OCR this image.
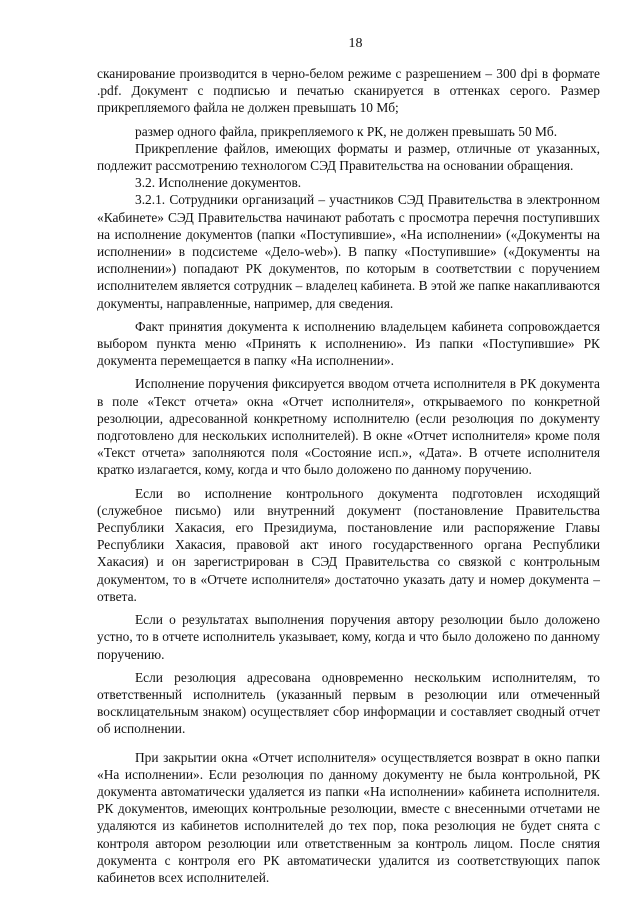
18

сканирование производится в черно-белом режиме с разрешением – 300 dpi в формате .pdf. Документ с подписью и печатью сканируется в оттенках серого. Размер прикрепляемого файла не должен превышать 10 Мб;

размер одного файла, прикрепляемого к РК, не должен превышать 50 Мб.

Прикрепление файлов, имеющих форматы и размер, отличные от указанных, подлежит рассмотрению технологом СЭД Правительства на основании обращения.

3.2. Исполнение документов.

3.2.1. Сотрудники организаций – участников СЭД Правительства в электронном «Кабинете» СЭД Правительства начинают работать с просмотра перечня поступивших на исполнение документов (папки «Поступившие», «На исполнении» («Документы на исполнении» в подсистеме «Дело-web»). В папку «Поступившие» («Документы на исполнении») попадают РК документов, по которым в соответствии с поручением исполнителем является сотрудник – владелец кабинета. В этой же папке накапливаются документы, направленные, например, для сведения.

Факт принятия документа к исполнению владельцем кабинета сопровождается выбором пункта меню «Принять к исполнению». Из папки «Поступившие» РК документа перемещается в папку «На исполнении».

Исполнение поручения фиксируется вводом отчета исполнителя в РК документа в поле «Текст отчета» окна «Отчет исполнителя», открываемого по конкретной резолюции, адресованной конкретному исполнителю (если резолюция по документу подготовлено для нескольких исполнителей). В окне «Отчет исполнителя» кроме поля «Текст отчета» заполняются поля «Состояние исп.», «Дата». В отчете исполнителя кратко излагается, кому, когда и что было доложено по данному поручению.

Если во исполнение контрольного документа подготовлен исходящий (служебное письмо) или внутренний документ (постановление Правительства Республики Хакасия, его Президиума, постановление или распоряжение Главы Республики Хакасия, правовой акт иного государственного органа Республики Хакасия) и он зарегистрирован в СЭД Правительства со связкой с контрольным документом, то в «Отчете исполнителя» достаточно указать дату и номер документа – ответа.

Если о результатах выполнения поручения автору резолюции было доложено устно, то в отчете исполнитель указывает, кому, когда и что было доложено по данному поручению.

Если резолюция адресована одновременно нескольким исполнителям, то ответственный исполнитель (указанный первым в резолюции или отмеченный восклицательным знаком) осуществляет сбор информации и составляет сводный отчет об исполнении.

При закрытии окна «Отчет исполнителя» осуществляется возврат в окно папки «На исполнении». Если резолюция по данному документу не была контрольной, РК документа автоматически удаляется из папки «На исполнении» кабинета исполнителя. РК документов, имеющих контрольные резолюции, вместе с внесенными отчетами не удаляются из кабинетов исполнителей до тех пор, пока резолюция не будет снята с контроля автором резолюции или ответственным за контроль лицом. После снятия документа с контроля его РК автоматически удалится из соответствующих папок кабинетов всех исполнителей.
